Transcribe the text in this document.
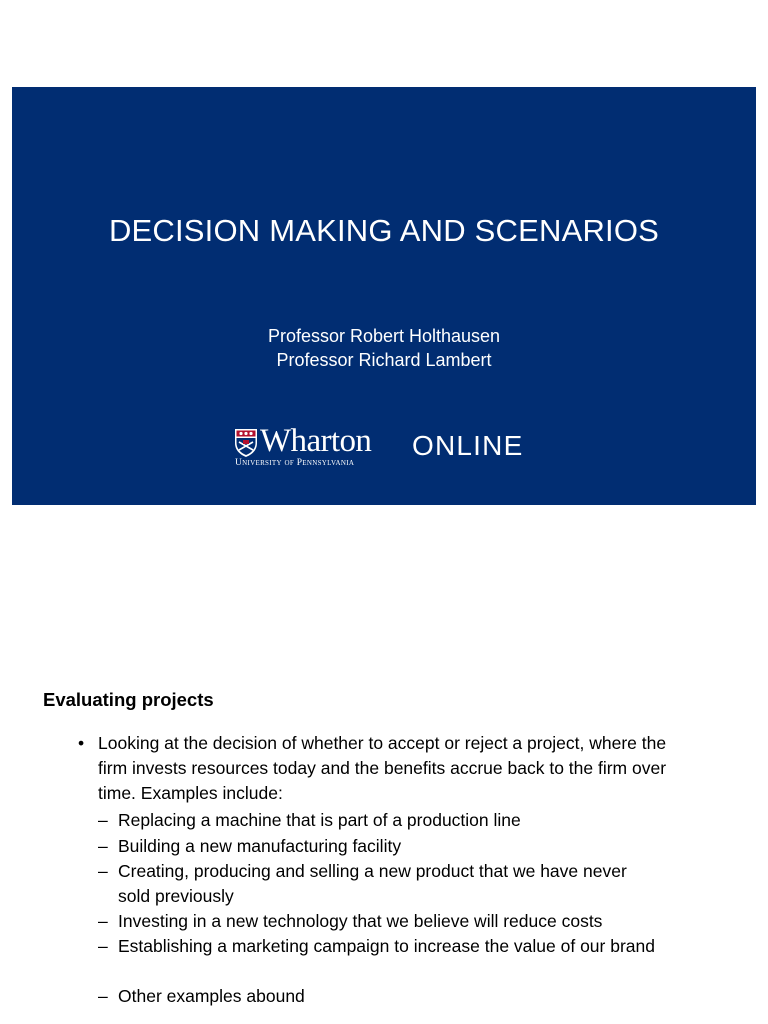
DECISION MAKING AND SCENARIOS
Professor Robert Holthausen
Professor Richard Lambert
Wharton
University of Pennsylvania
ONLINE
Evaluating projects
• Looking at the decision of whether to accept or reject a project, where the firm invests resources today and the benefits accrue back to the firm over time. Examples include:
– Replacing a machine that is part of a production line
– Building a new manufacturing facility
– Creating, producing and selling a new product that we have never sold previously
– Investing in a new technology that we believe will reduce costs
– Establishing a marketing campaign to increase the value of our brand
– Other examples abound
